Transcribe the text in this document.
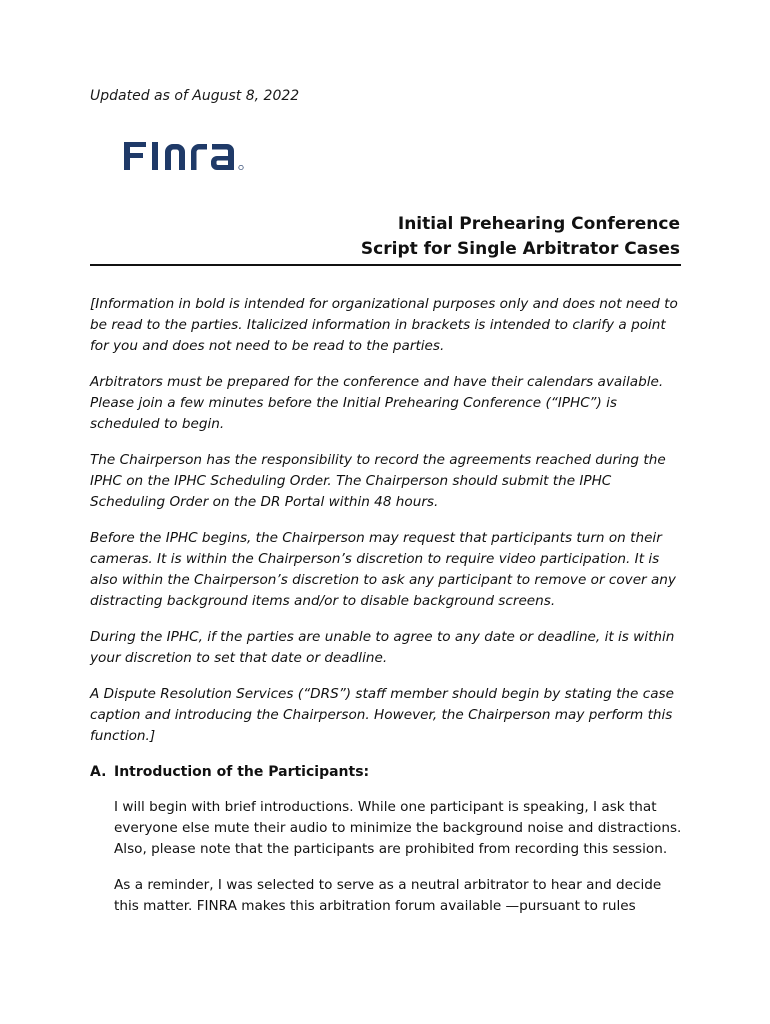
Updated as of August 8, 2022
Initial Prehearing Conference
Script for Single Arbitrator Cases

[Information in bold is intended for organizational purposes only and does not need to be read to the parties. Italicized information in brackets is intended to clarify a point for you and does not need to be read to the parties.

Arbitrators must be prepared for the conference and have their calendars available. Please join a few minutes before the Initial Prehearing Conference (“IPHC”) is scheduled to begin.

The Chairperson has the responsibility to record the agreements reached during the IPHC on the IPHC Scheduling Order. The Chairperson should submit the IPHC Scheduling Order on the DR Portal within 48 hours.

Before the IPHC begins, the Chairperson may request that participants turn on their cameras. It is within the Chairperson’s discretion to require video participation. It is also within the Chairperson’s discretion to ask any participant to remove or cover any distracting background items and/or to disable background screens.

During the IPHC, if the parties are unable to agree to any date or deadline, it is within your discretion to set that date or deadline.

A Dispute Resolution Services (“DRS”) staff member should begin by stating the case caption and introducing the Chairperson. However, the Chairperson may perform this function.]

A. Introduction of the Participants:

I will begin with brief introductions. While one participant is speaking, I ask that everyone else mute their audio to minimize the background noise and distractions. Also, please note that the participants are prohibited from recording this session.

As a reminder, I was selected to serve as a neutral arbitrator to hear and decide this matter. FINRA makes this arbitration forum available —pursuant to rules
